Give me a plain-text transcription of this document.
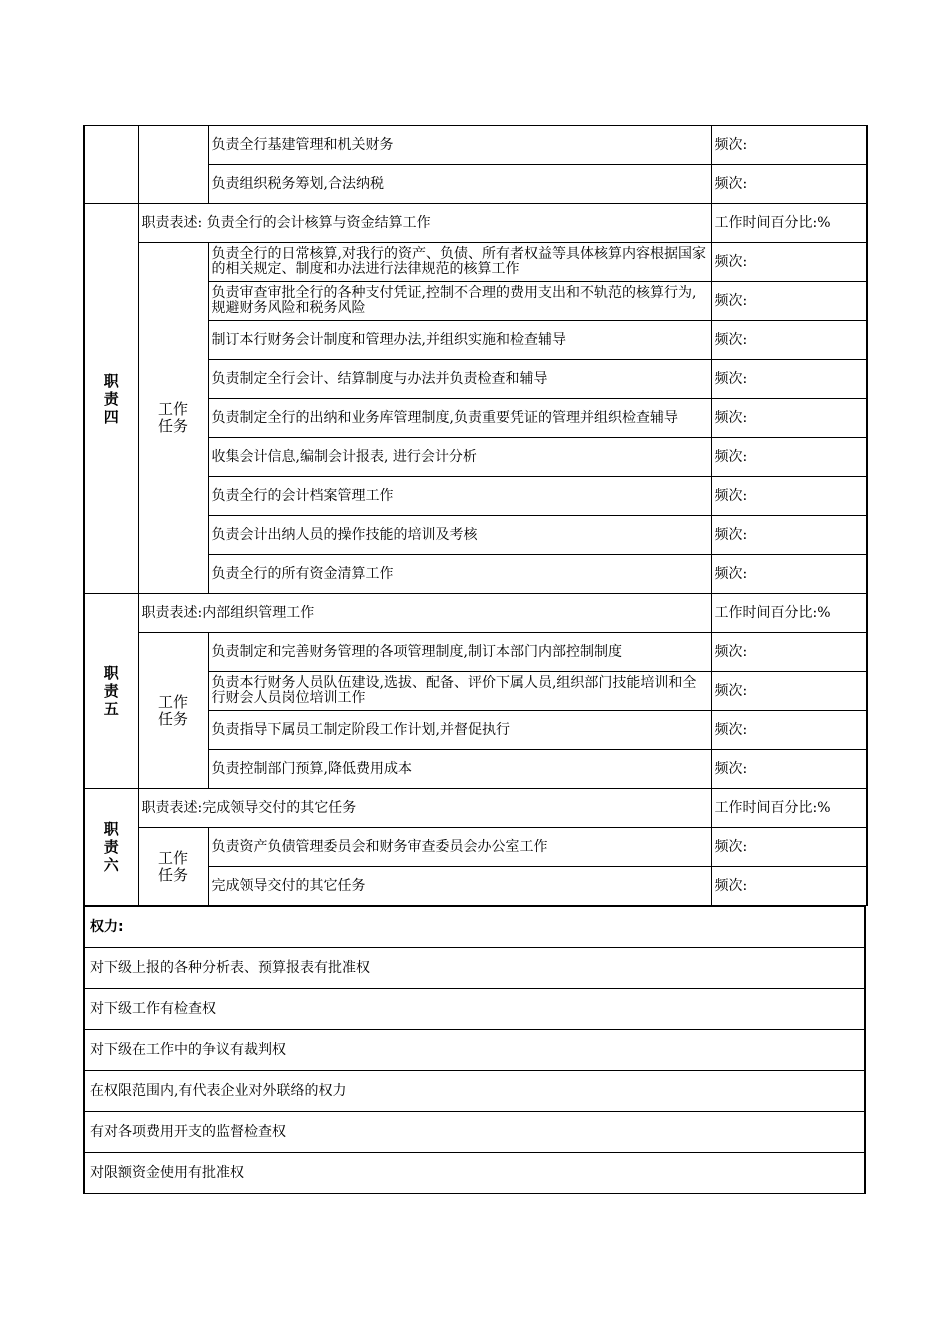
		负责全行基建管理和机关财务	频次:
		负责组织税务筹划,合法纳税	频次:
职责四	职责表述: 负责全行的会计核算与资金结算工作		工作时间百分比:%
	工作任务	负责全行的日常核算,对我行的资产、负债、所有者权益等具体核算内容根据国家的相关规定、制度和办法进行法律规范的核算工作	频次:
		负责审查审批全行的各种支付凭证,控制不合理的费用支出和不轨范的核算行为,规避财务风险和税务风险	频次:
		制订本行财务会计制度和管理办法,并组织实施和检查辅导	频次:
		负责制定全行会计、结算制度与办法并负责检查和辅导	频次:
		负责制定全行的出纳和业务库管理制度,负责重要凭证的管理并组织检查辅导	频次:
		收集会计信息,编制会计报表, 进行会计分析	频次:
		负责全行的会计档案管理工作	频次:
		负责会计出纳人员的操作技能的培训及考核	频次:
		负责全行的所有资金清算工作	频次:
职责五	职责表述:内部组织管理工作		工作时间百分比:%
	工作任务	负责制定和完善财务管理的各项管理制度,制订本部门内部控制制度	频次:
		负责本行财务人员队伍建设,选拔、配备、评价下属人员,组织部门技能培训和全行财会人员岗位培训工作	频次:
		负责指导下属员工制定阶段工作计划,并督促执行	频次:
		负责控制部门预算,降低费用成本	频次:
职责六	职责表述:完成领导交付的其它任务		工作时间百分比:%
	工作任务	负责资产负债管理委员会和财务审查委员会办公室工作	频次:
		完成领导交付的其它任务	频次:
权力:
对下级上报的各种分析表、预算报表有批准权
对下级工作有检查权
对下级在工作中的争议有裁判权
在权限范围内,有代表企业对外联络的权力
有对各项费用开支的监督检查权
对限额资金使用有批准权
